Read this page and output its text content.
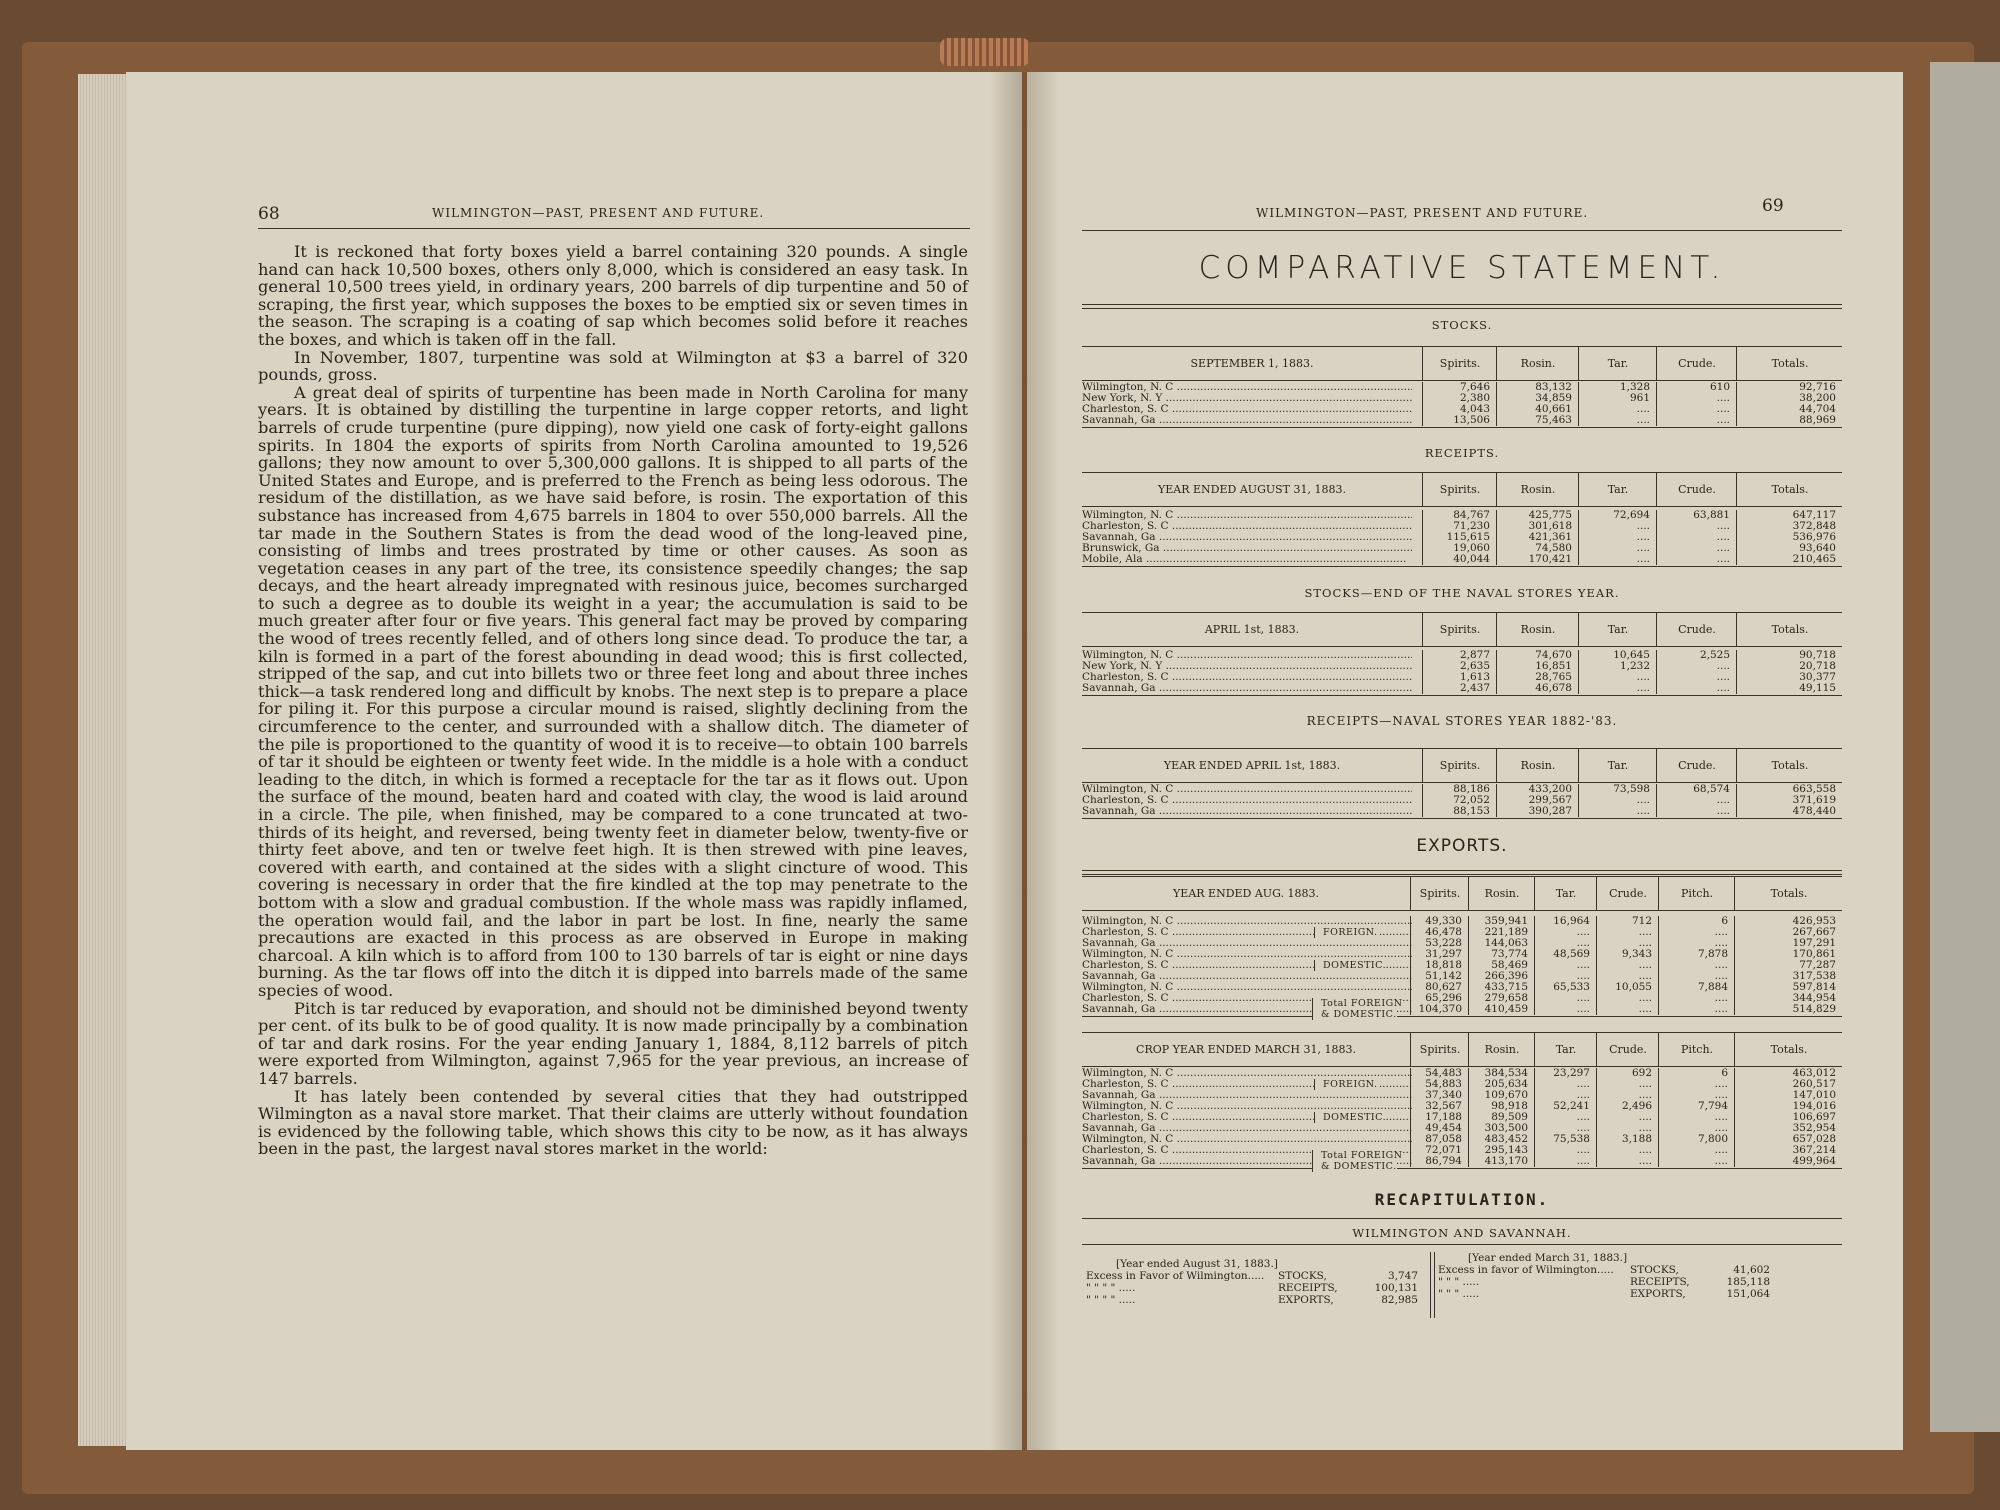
68	WILMINGTON—PAST, PRESENT AND FUTURE.

It is reckoned that forty boxes yield a barrel containing 320 pounds. A single hand can hack 10,500 boxes, others only 8,000, which is considered an easy task. In general 10,500 trees yield, in ordinary years, 200 barrels of dip turpentine and 50 of scraping, the first year, which supposes the boxes to be emptied six or seven times in the season. The scraping is a coating of sap which becomes solid before it reaches the boxes, and which is taken off in the fall.

In November, 1807, turpentine was sold at Wilmington at $3 a barrel of 320 pounds, gross.

A great deal of spirits of turpentine has been made in North Carolina for many years. It is obtained by distilling the turpentine in large copper retorts, and light barrels of crude turpentine (pure dipping), now yield one cask of forty-eight gallons spirits. In 1804 the exports of spirits from North Carolina amounted to 19,526 gallons; they now amount to over 5,300,000 gallons. It is shipped to all parts of the United States and Europe, and is preferred to the French as being less odorous. The residum of the distillation, as we have said before, is rosin. The exportation of this substance has increased from 4,675 barrels in 1804 to over 550,000 barrels. All the tar made in the Southern States is from the dead wood of the long-leaved pine, consisting of limbs and trees prostrated by time or other causes. As soon as vegetation ceases in any part of the tree, its consistence speedily changes; the sap decays, and the heart already impregnated with resinous juice, becomes surcharged to such a degree as to double its weight in a year; the accumulation is said to be much greater after four or five years. This general fact may be proved by comparing the wood of trees recently felled, and of others long since dead. To produce the tar, a kiln is formed in a part of the forest abounding in dead wood; this is first collected, stripped of the sap, and cut into billets two or three feet long and about three inches thick—a task rendered long and difficult by knobs. The next step is to prepare a place for piling it. For this purpose a circular mound is raised, slightly declining from the circumference to the center, and surrounded with a shallow ditch. The diameter of the pile is proportioned to the quantity of wood it is to receive—to obtain 100 barrels of tar it should be eighteen or twenty feet wide. In the middle is a hole with a conduct leading to the ditch, in which is formed a receptacle for the tar as it flows out. Upon the surface of the mound, beaten hard and coated with clay, the wood is laid around in a circle. The pile, when finished, may be compared to a cone truncated at two-thirds of its height, and reversed, being twenty feet in diameter below, twenty-five or thirty feet above, and ten or twelve feet high. It is then strewed with pine leaves, covered with earth, and contained at the sides with a slight cincture of wood. This covering is necessary in order that the fire kindled at the top may penetrate to the bottom with a slow and gradual combustion. If the whole mass was rapidly inflamed, the operation would fail, and the labor in part be lost. In fine, nearly the same precautions are exacted in this process as are observed in Europe in making charcoal. A kiln which is to afford from 100 to 130 barrels of tar is eight or nine days burning. As the tar flows off into the ditch it is dipped into barrels made of the same species of wood.

Pitch is tar reduced by evaporation, and should not be diminished beyond twenty per cent. of its bulk to be of good quality. It is now made principally by a combination of tar and dark rosins. For the year ending January 1, 1884, 8,112 barrels of pitch were exported from Wilmington, against 7,965 for the year previous, an increase of 147 barrels.

It has lately been contended by several cities that they had outstripped Wilmington as a naval store market. That their claims are utterly without foundation is evidenced by the following table, which shows this city to be now, as it has always been in the past, the largest naval stores market in the world:

WILMINGTON—PAST, PRESENT AND FUTURE.	69
COMPARATIVE STATEMENT.
STOCKS.
SEPTEMBER 1, 1883.	Spirits.	Rosin.	Tar.	Crude.	Totals.
Wilmington, N. C .....	7,646	83,132	1,328	610	92,716
New York, N. Y .....	2,380	34,859	961	....	38,200
Charleston, S. C .....	4,043	40,661	....	....	44,704
Savannah, Ga .....	13,506	75,463	....	....	88,969
RECEIPTS.
YEAR ENDED AUGUST 31, 1883.	Spirits.	Rosin.	Tar.	Crude.	Totals.
Wilmington, N. C .....	84,767	425,775	72,694	63,881	647,117
Charleston, S. C .....	71,230	301,618	....	....	372,848
Savannah, Ga .....	115,615	421,361	....	....	536,976
Brunswick, Ga .....	19,060	74,580	....	....	93,640
Mobile, Ala .....	40,044	170,421	....	....	210,465
STOCKS—END OF THE NAVAL STORES YEAR.
APRIL 1st, 1883.	Spirits.	Rosin.	Tar.	Crude.	Totals.
Wilmington, N. C .....	2,877	74,670	10,645	2,525	90,718
New York, N. Y .....	2,635	16,851	1,232	....	20,718
Charleston, S. C .....	1,613	28,765	....	....	30,377
Savannah, Ga .....	2,437	46,678	....	....	49,115
RECEIPTS—NAVAL STORES YEAR 1882-'83.
YEAR ENDED APRIL 1st, 1883.	Spirits.	Rosin.	Tar.	Crude.	Totals.
Wilmington, N. C .....	88,186	433,200	73,598	68,574	663,558
Charleston, S. C .....	72,052	299,567	....	....	371,619
Savannah, Ga .....	88,153	390,287	....	....	478,440
EXPORTS.
YEAR ENDED AUG. 1883.	Spirits.	Rosin.	Tar.	Crude.	Pitch.	Totals.
Wilmington, N. C .....	49,330	359,941	16,964	712	6	426,953
Charleston, S. C .....	46,478	221,189	....	....	....	267,667
Savannah, Ga .....	53,228	144,063	....	....	....	197,291
Wilmington, N. C .....	31,297	73,774	48,569	9,343	7,878	170,861
Charleston, S. C .....	18,818	58,469	....	....	....	77,287
Savannah, Ga .....	51,142	266,396	....	....	....	317,538
Wilmington, N. C .....	80,627	433,715	65,533	10,055	7,884	597,814
Charleston, S. C .....	65,296	279,658	....	....	....	344,954
Savannah, Ga .....	104,370	410,459	....	....	....	514,829
FOREIGN.
DOMESTIC.
Total FOREIGN
& DOMESTIC.
CROP YEAR ENDED MARCH 31, 1883.	Spirits.	Rosin.	Tar.	Crude.	Pitch.	Totals.
Wilmington, N. C .....	54,483	384,534	23,297	692	6	463,012
Charleston, S. C .....	54,883	205,634	....	....	....	260,517
Savannah, Ga .....	37,340	109,670	....	....	....	147,010
Wilmington, N. C .....	32,567	98,918	52,241	2,496	7,794	194,016
Charleston, S. C .....	17,188	89,509	....	....	....	106,697
Savannah, Ga .....	49,454	303,500	....	....	....	352,954
Wilmington, N. C .....	87,058	483,452	75,538	3,188	7,800	657,028
Charleston, S. C .....	72,071	295,143	....	....	....	367,214
Savannah, Ga .....	86,794	413,170	....	....	....	499,964
FOREIGN.
DOMESTIC.
Total FOREIGN
& DOMESTIC.
RECAPITULATION.
WILMINGTON AND SAVANNAH.
[Year ended August 31, 1883.]
Excess in Favor of Wilmington.....	STOCKS,	3,747
" " " " .....	RECEIPTS,	100,131
" " " " .....	EXPORTS,	82,985
[Year ended March 31, 1883.]
Excess in favor of Wilmington.....	STOCKS,	41,602
" " " .....	RECEIPTS,	185,118
" " " .....	EXPORTS,	151,064
